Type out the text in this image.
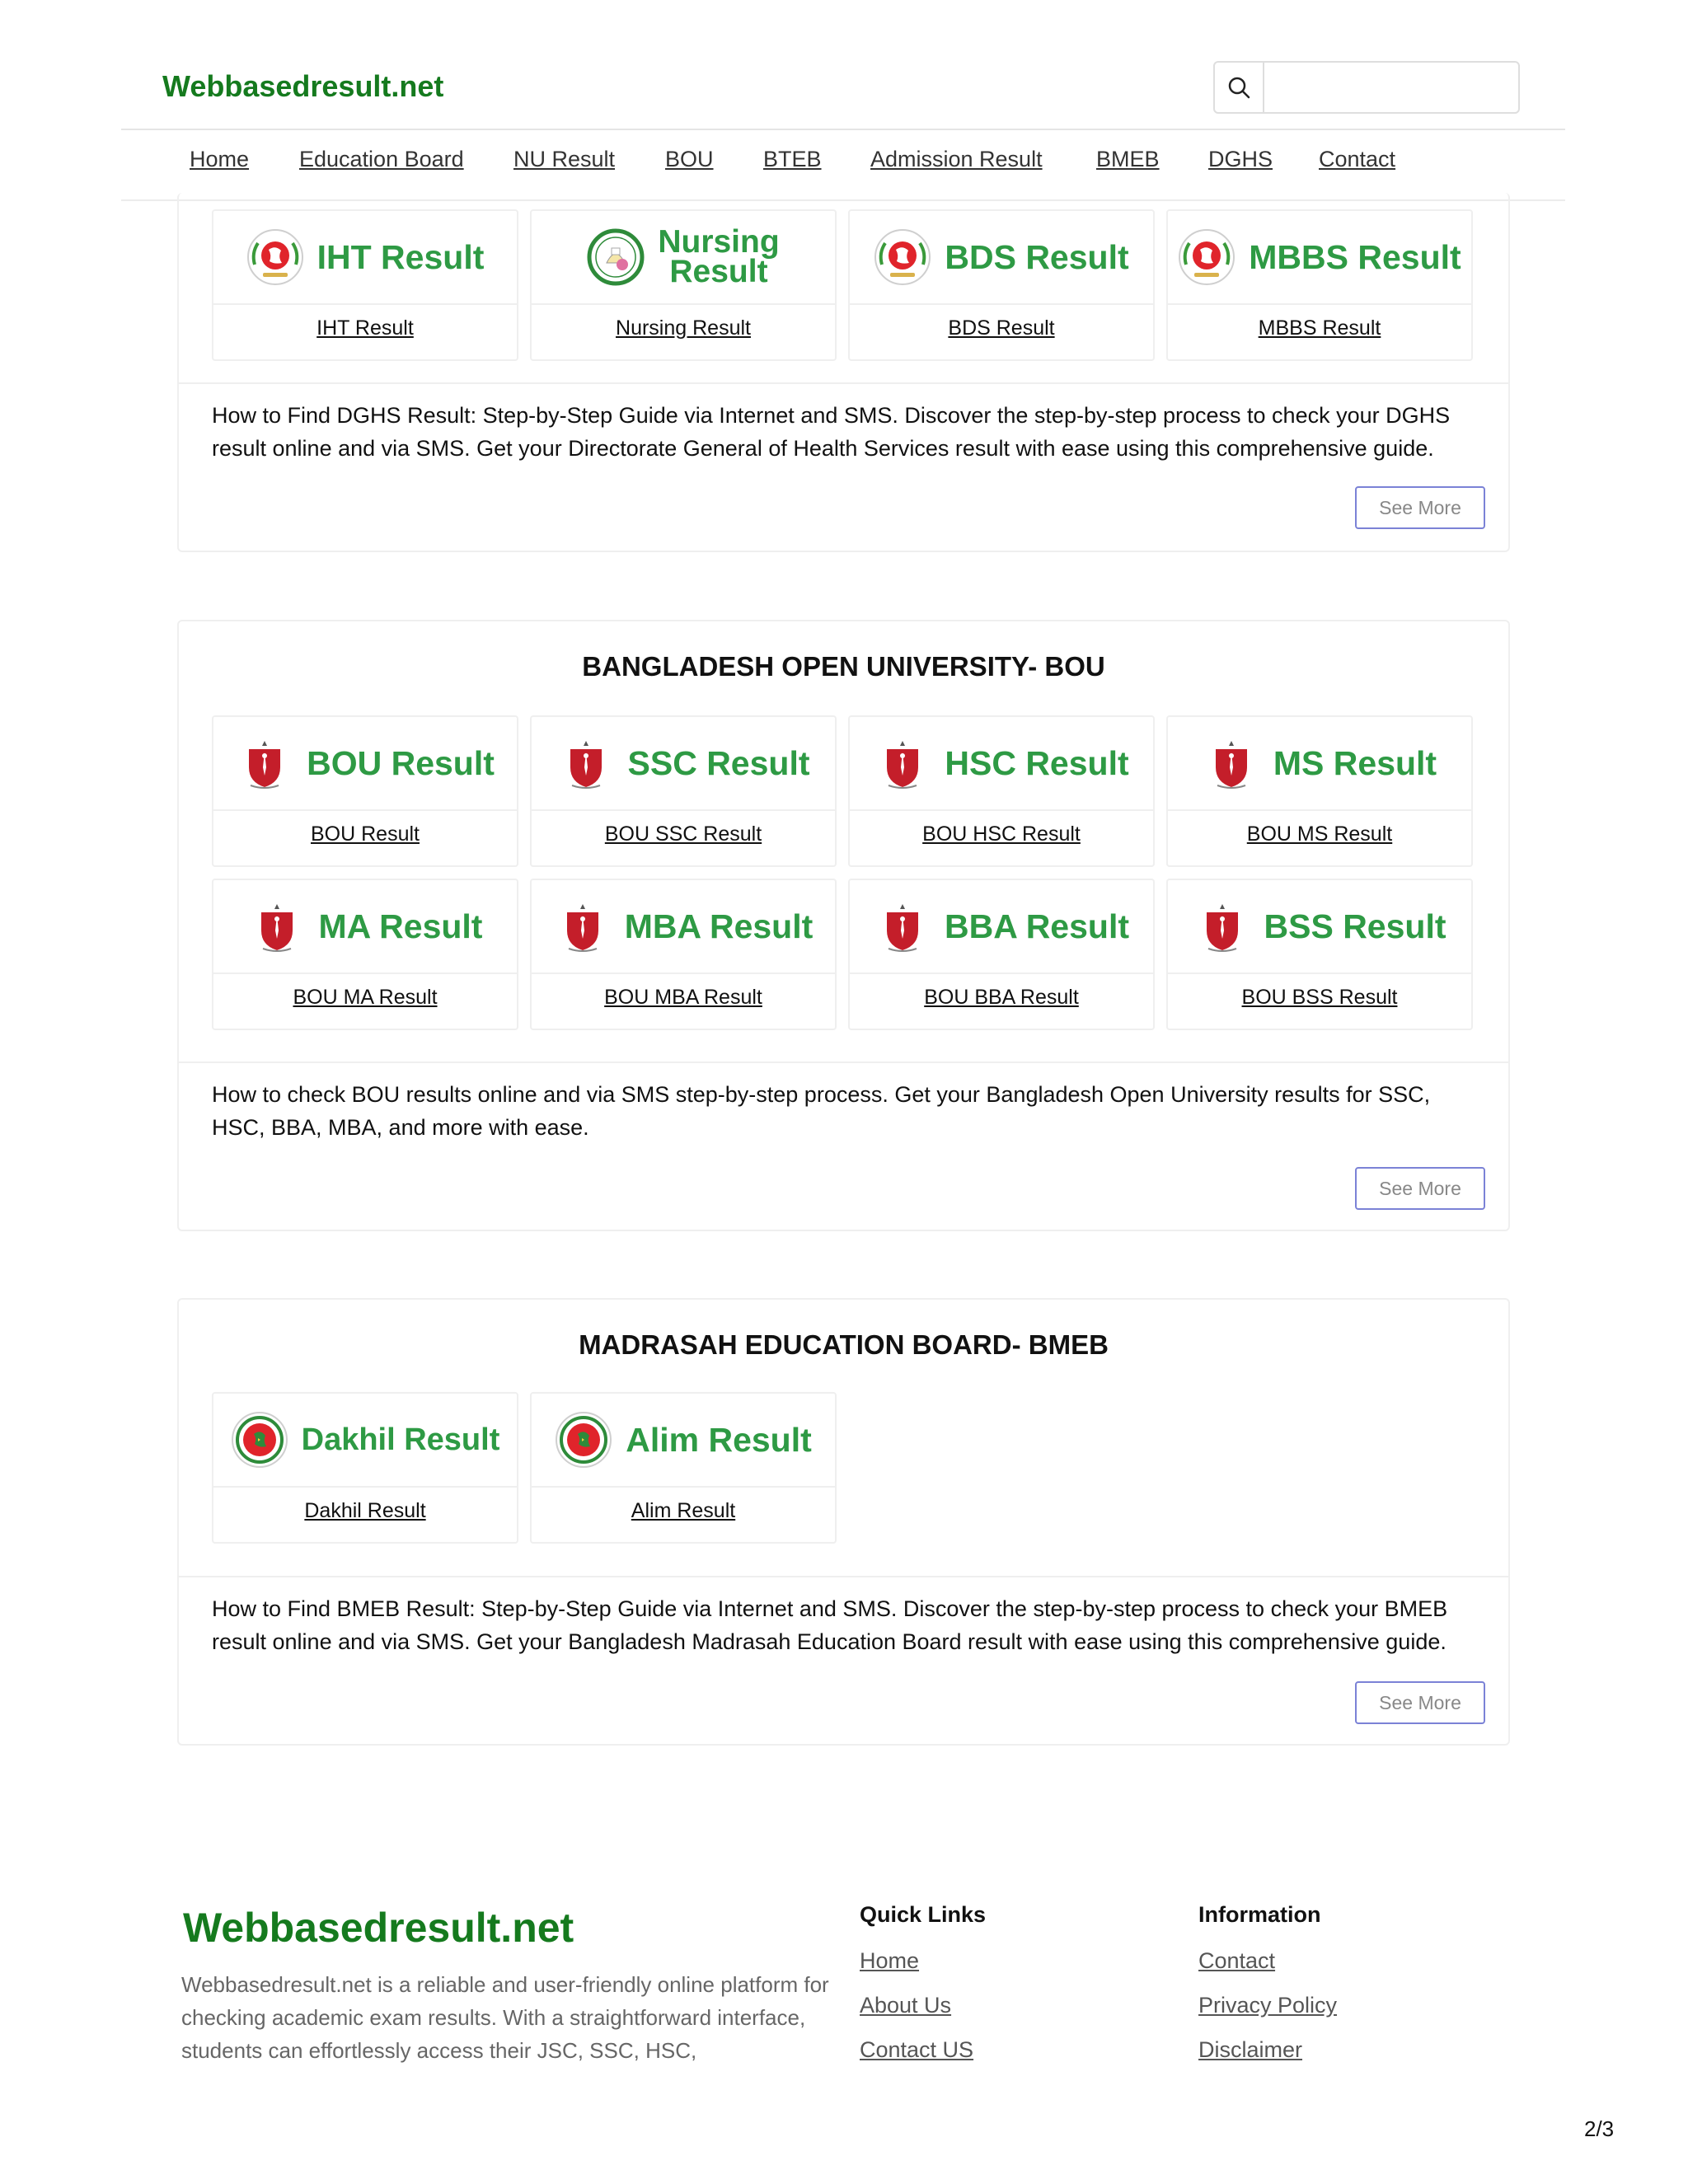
Webbasedresult.net
Home Education Board NU Result BOU BTEB Admission Result BMEB DGHS Contact
IHT Result
IHT Result
Nursing
Result
Nursing Result
BDS Result
BDS Result
MBBS Result
MBBS Result

How to Find DGHS Result: Step-by-Step Guide via Internet and SMS. Discover the step-by-step process to check your DGHS result online and via SMS. Get your Directorate General of Health Services result with ease using this comprehensive guide.

See More
BANGLADESH OPEN UNIVERSITY- BOU
BOU Result
BOU Result
SSC Result
BOU SSC Result
HSC Result
BOU HSC Result
MS Result
BOU MS Result
MA Result
BOU MA Result
MBA Result
BOU MBA Result
BBA Result
BOU BBA Result
BSS Result
BOU BSS Result

How to check BOU results online and via SMS step-by-step process. Get your Bangladesh Open University results for SSC, HSC, BBA, MBA, and more with ease.

See More
MADRASAH EDUCATION BOARD- BMEB
Dakhil Result
Dakhil Result
Alim Result
Alim Result

How to Find BMEB Result: Step-by-Step Guide via Internet and SMS. Discover the step-by-step process to check your BMEB result online and via SMS. Get your Bangladesh Madrasah Education Board result with ease using this comprehensive guide.

See More
Webbasedresult.net

Webbasedresult.net is a reliable and user-friendly online platform for checking academic exam results. With a straightforward interface, students can effortlessly access their JSC, SSC, HSC,

Quick Links
Home
About Us
Contact US
Information
Contact
Privacy Policy
Disclaimer
2/3
